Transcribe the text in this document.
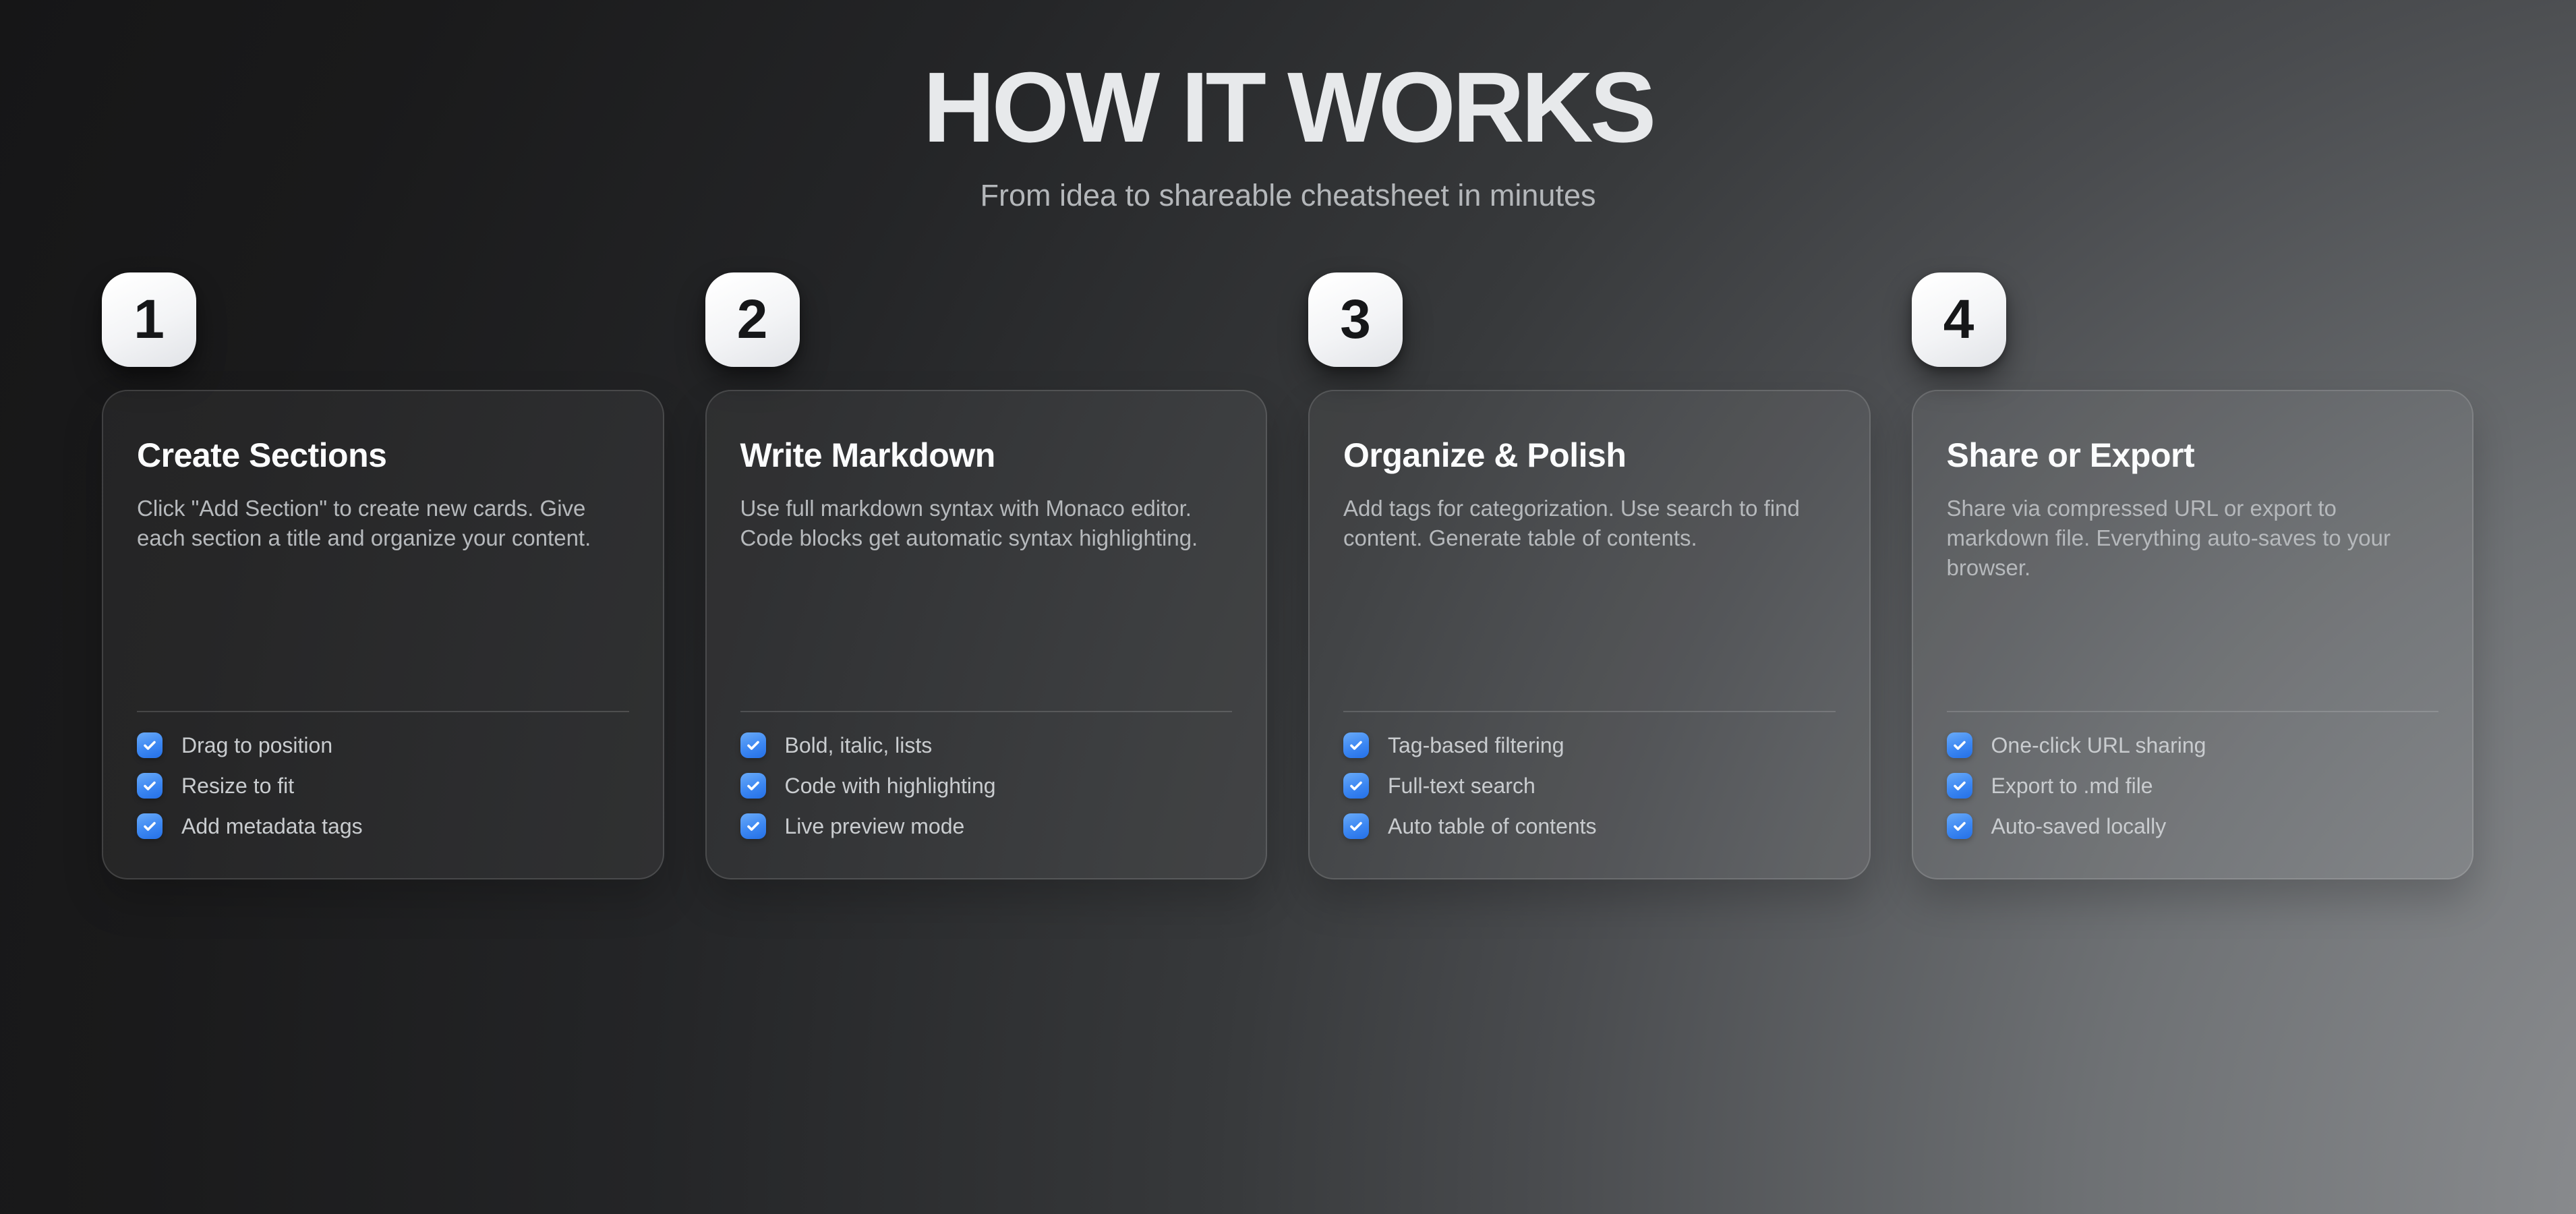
HOW IT WORKS

From idea to shareable cheatsheet in minutes

1
Create Sections

Click "Add Section" to create new cards. Give each section a title and organize your content.

Drag to position
Resize to fit
Add metadata tags
2
Write Markdown

Use full markdown syntax with Monaco editor. Code blocks get automatic syntax highlighting.

Bold, italic, lists
Code with highlighting
Live preview mode
3
Organize & Polish

Add tags for categorization. Use search to find content. Generate table of contents.

Tag-based filtering
Full-text search
Auto table of contents
4
Share or Export

Share via compressed URL or export to markdown file. Everything auto-saves to your browser.

One-click URL sharing
Export to .md file
Auto-saved locally
